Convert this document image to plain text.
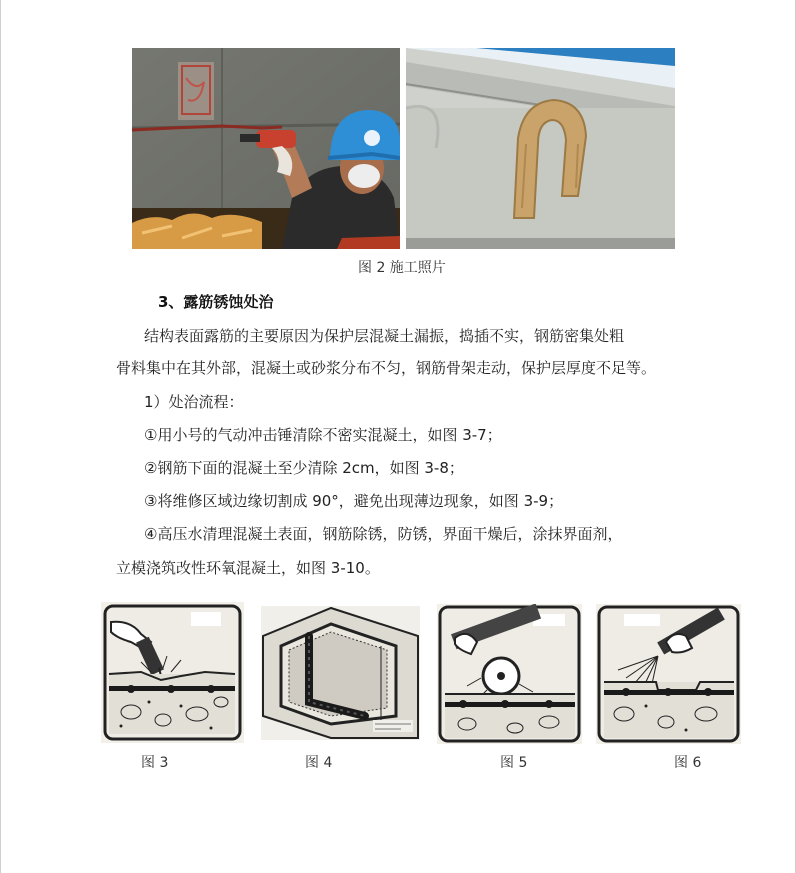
图 2 施工照片
3、露筋锈蚀处治
结构表面露筋的主要原因为保护层混凝土漏振，捣插不实，钢筋密集处粗
骨料集中在其外部，混凝土或砂浆分布不匀，钢筋骨架走动，保护层厚度不足等。
1）处治流程：
①用小号的气动冲击锤清除不密实混凝土，如图 3-7；
②钢筋下面的混凝土至少清除 2cm，如图 3-8；
③将维修区域边缘切割成 90°，避免出现薄边现象，如图 3-9；
④高压水清理混凝土表面，钢筋除锈，防锈，界面干燥后，涂抹界面剂，
立模浇筑改性环氧混凝土，如图 3-10。
图 3	图 4	图 5	图 6
